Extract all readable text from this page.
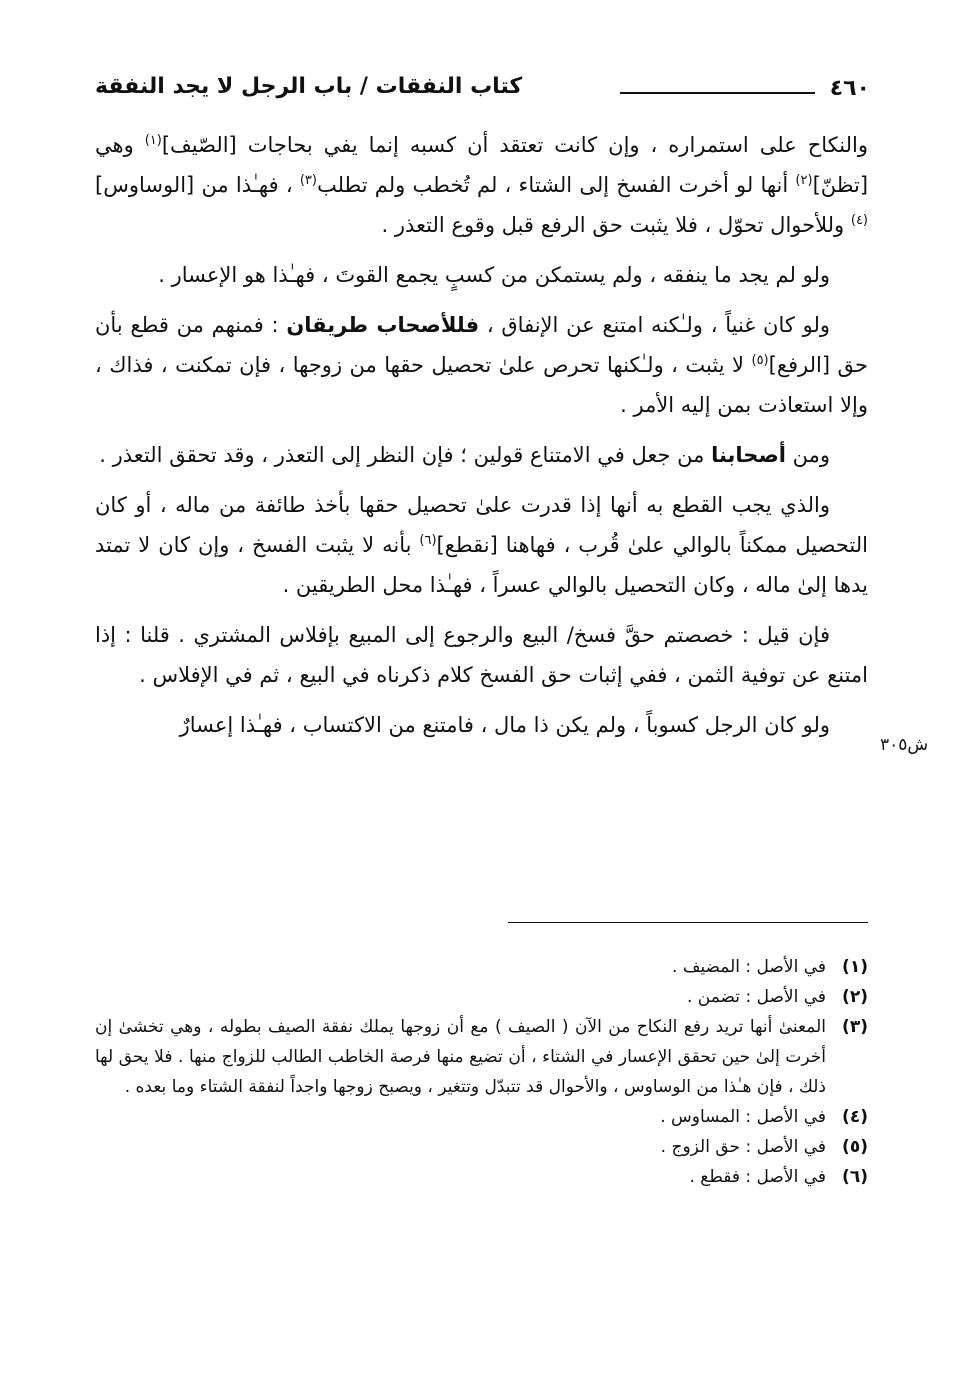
٤٦٠
كتاب النفقات / باب الرجل لا يجد النفقة
ش٣٠٥

والنكاح على استمراره ، وإن كانت تعتقد أن كسبه إنما يفي بحاجات [الصّيف]$^{(١)}$ وهي [تظنّ]$^{(٢)}$ أنها لو أخرت الفسخ إلى الشتاء ، لم تُخطب ولم تطلب$^{(٣)}$ ، فهـٰذا من [الوساوس]$^{(٤)}$ وللأحوال تحوّل ، فلا يثبت حق الرفع قبل وقوع التعذر .

ولو لم يجد ما ينفقه ، ولم يستمكن من كسبٍ يجمع القوتَ ، فهـٰذا هو الإعسار .

ولو كان غنياً ، ولـٰكنه امتنع عن الإنفاق ، فللأصحاب طريقان : فمنهم من قطع بأن حق [الرفع]$^{(٥)}$ لا يثبت ، ولـٰكنها تحرص علىٰ تحصيل حقها من زوجها ، فإن تمكنت ، فذاك ، وإلا استعاذت بمن إليه الأمر .

ومن أصحابنا من جعل في الامتناع قولين ؛ فإن النظر إلى التعذر ، وقد تحقق التعذر .

والذي يجب القطع به أنها إذا قدرت علىٰ تحصيل حقها بأخذ طائفة من ماله ، أو كان التحصيل ممكناً بالوالي علىٰ قُرب ، فهاهنا [نقطع]$^{(٦)}$ بأنه لا يثبت الفسخ ، وإن كان لا تمتد يدها إلىٰ ماله ، وكان التحصيل بالوالي عسراً ، فهـٰذا محل الطريقين .

فإن قيل : خصصتم حقَّ فسخ/ البيع والرجوع إلى المبيع بإفلاس المشتري . قلنا : إذا امتنع عن توفية الثمن ، ففي إثبات حق الفسخ كلام ذكرناه في البيع ، ثم في الإفلاس .

ولو كان الرجل كسوباً ، ولم يكن ذا مال ، فامتنع من الاكتساب ، فهـٰذا إعسارٌ

(١)
في الأصل : المضيف .
(٢)
في الأصل : تضمن .
(٣)
المعنىٰ أنها تريد رفع النكاح من الآن ( الصيف ) مع أن زوجها يملك نفقة الصيف بطوله ، وهي تخشىٰ إن أخرت إلىٰ حين تحقق الإعسار في الشتاء ، أن تضيع منها فرصة الخاطب الطالب للزواج منها . فلا يحق لها ذلك ، فإن هـٰذا من الوساوس ، والأحوال قد تتبدّل وتتغير ، ويصبح زوجها واجداً لنفقة الشتاء وما بعده .
(٤)
في الأصل : المساوس .
(٥)
في الأصل : حق الزوج .
(٦)
في الأصل : فقطع .
